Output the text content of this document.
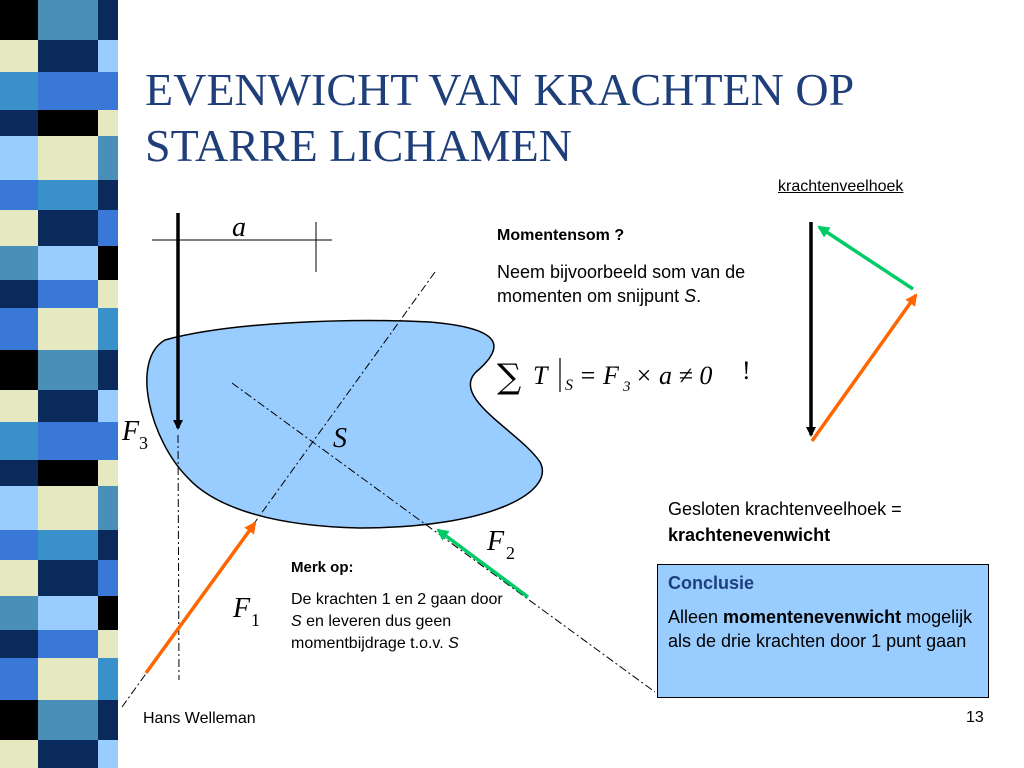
EVENWICHT VAN KRACHTEN OP
STARRE LICHAMEN
krachtenveelhoek
a
S
F 3
F 2
F 1
Momentensom ?
Neem bijvoorbeeld som van de momenten om snijpunt S.
∑ T S = F 3 × a ≠ 0 !
Gesloten krachtenveelhoek =
krachtenevenwicht
Conclusie
Alleen momentenevenwicht mogelijk als de drie krachten door 1 punt gaan
Merk op:
De krachten 1 en 2 gaan door S en leveren dus geen momentbijdrage t.o.v. S
Hans Welleman	13
